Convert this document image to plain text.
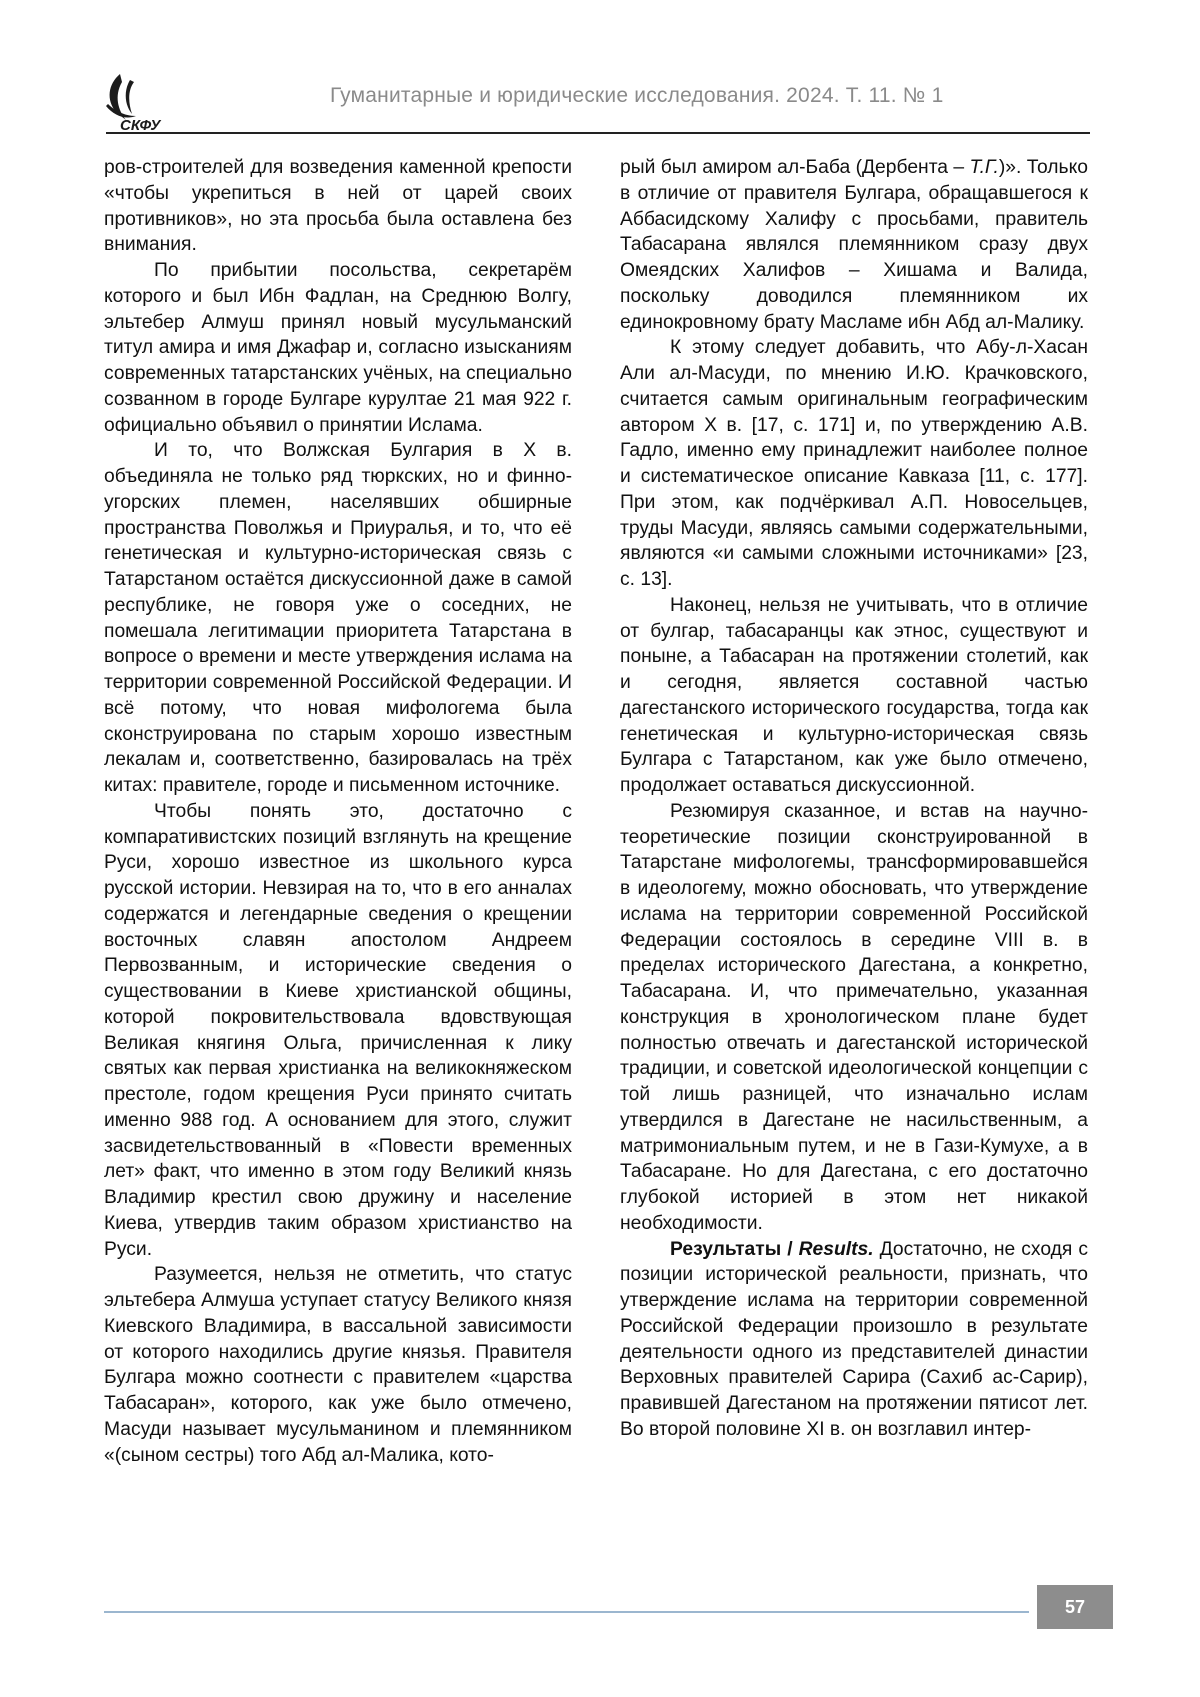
СКФУ
Гуманитарные и юридические исследования. 2024. Т. 11. № 1

ров-строителей для возведения каменной крепости «чтобы укрепиться в ней от царей своих противников», но эта просьба была оставлена без внимания.

По прибытии посольства, секретарём которого и был Ибн Фадлан, на Среднюю Волгу, эльтебер Алмуш принял новый мусульманский титул амира и имя Джафар и, согласно изысканиям современных татарстанских учёных, на специально созванном в городе Булгаре курултае 21 мая 922 г. официально объявил о принятии Ислама.

И то, что Волжская Булгария в X в. объединяла не только ряд тюркских, но и финно-угорских племен, населявших обширные пространства Поволжья и Приуралья, и то, что её генетическая и культурно-историческая связь с Татарстаном остаётся дискуссионной даже в самой республике, не говоря уже о соседних, не помешала легитимации приоритета Татарстана в вопросе о времени и месте утверждения ислама на территории современной Российской Федерации. И всё потому, что новая мифологема была сконструирована по старым хорошо известным лекалам и, соответственно, базировалась на трёх китах: правителе, городе и письменном источнике.

Чтобы понять это, достаточно с компаративистских позиций взглянуть на крещение Руси, хорошо известное из школьного курса русской истории. Невзирая на то, что в его анналах содержатся и легендарные сведения о крещении восточных славян апостолом Андреем Первозванным, и исторические сведения о существовании в Киеве христианской общины, которой покровительствовала вдовствующая Великая княгиня Ольга, причисленная к лику святых как первая христианка на великокняжеском престоле, годом крещения Руси принято считать именно 988 год. А основанием для этого, служит засвидетельствованный в «Повести временных лет» факт, что именно в этом году Великий князь Владимир крестил свою дружину и население Киева, утвердив таким образом христианство на Руси.

Разумеется, нельзя не отметить, что статус эльтебера Алмуша уступает статусу Великого князя Киевского Владимира, в вассальной зависимости от которого находились другие князья. Правителя Булгара можно соотнести с правителем «царства Табасаран», которого, как уже было отмечено, Масуди называет мусульманином и племянником «(сыном сестры) того Абд ал-Малика, кото-

рый был амиром ал-Баба (Дербента – Т.Г.)». Только в отличие от правителя Булгара, обращавшегося к Аббасидскому Халифу с просьбами, правитель Табасарана являлся племянником сразу двух Омеядских Халифов – Хишама и Валида, поскольку доводился племянником их единокровному брату Масламе ибн Абд ал-Малику.

К этому следует добавить, что Абу-л-Хасан Али ал-Масуди, по мнению И.Ю. Крачковского, считается самым оригинальным географическим автором X в. [17, с. 171] и, по утверждению А.В. Гадло, именно ему принадлежит наиболее полное и систематическое описание Кавказа [11, с. 177]. При этом, как подчёркивал А.П. Новосельцев, труды Масуди, являясь самыми содержательными, являются «и самыми сложными источниками» [23, с. 13].

Наконец, нельзя не учитывать, что в отличие от булгар, табасаранцы как этнос, существуют и поныне, а Табасаран на протяжении столетий, как и сегодня, является составной частью дагестанского исторического государства, тогда как генетическая и культурно-историческая связь Булгара с Татарстаном, как уже было отмечено, продолжает оставаться дискуссионной.

Резюмируя сказанное, и встав на научно-теоретические позиции сконструированной в Татарстане мифологемы, трансформировавшейся в идеологему, можно обосновать, что утверждение ислама на территории современной Российской Федерации состоялось в середине VIII в. в пределах исторического Дагестана, а конкретно, Табасарана. И, что примечательно, указанная конструкция в хронологическом плане будет полностью отвечать и дагестанской исторической традиции, и советской идеологической концепции с той лишь разницей, что изначально ислам утвердился в Дагестане не насильственным, а матримониальным путем, и не в Гази-Кумухе, а в Табасаране. Но для Дагестана, с его достаточно глубокой историей в этом нет никакой необходимости.

Результаты / Results. Достаточно, не сходя с позиции исторической реальности, признать, что утверждение ислама на территории современной Российской Федерации произошло в результате деятельности одного из представителей династии Верховных правителей Сарира (Сахиб ас-Сарир), правившей Дагестаном на протяжении пятисот лет. Во второй половине XI в. он возглавил интер-

57
